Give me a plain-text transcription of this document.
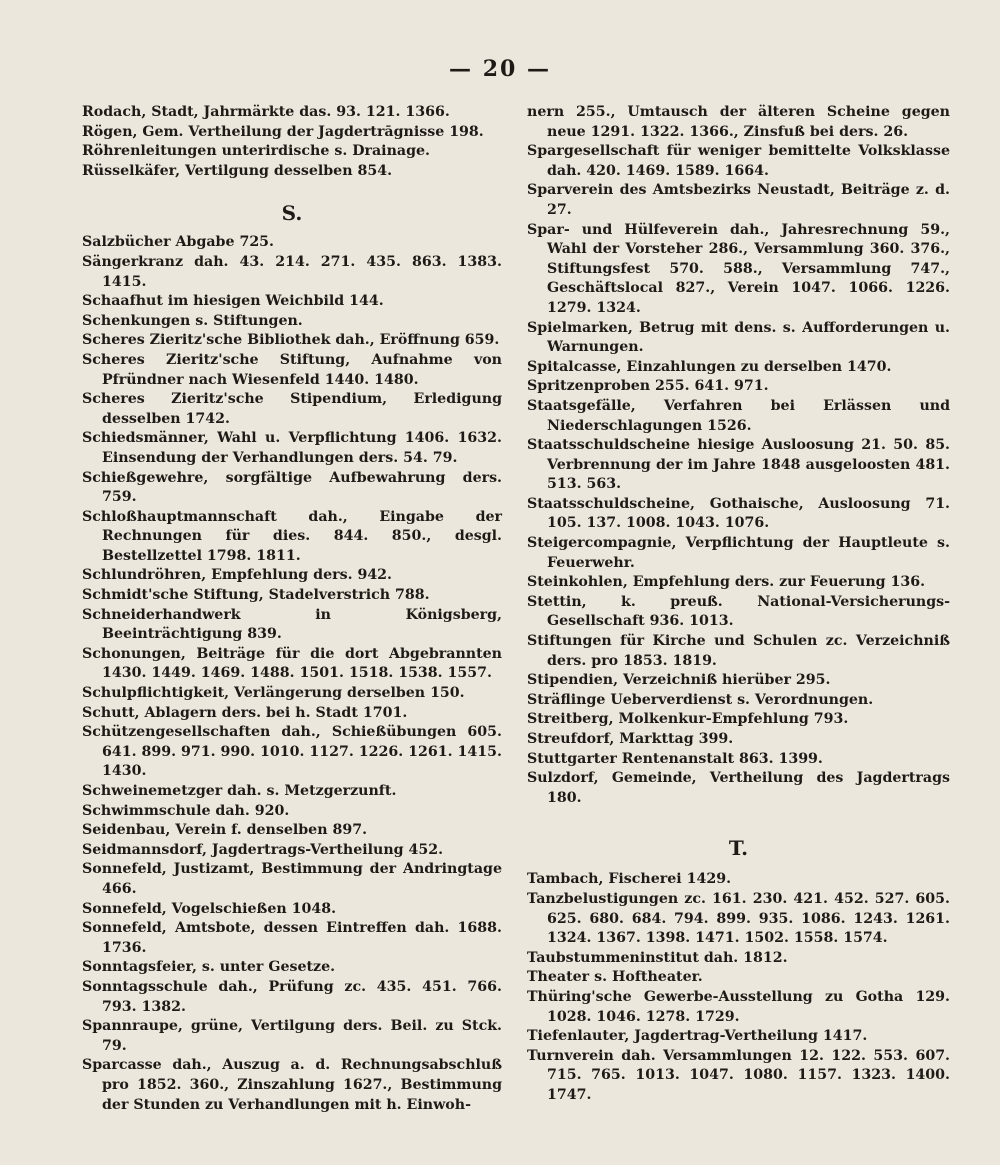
— 20 —
Rodach, Stadt, Jahrmärkte das. 93. 121. 1366.
Rögen, Gem. Vertheilung der Jagdertrāgnisse 198.
Röhrenleitungen unterirdische s. Drainage.
Rüsselkäfer, Vertilgung desselben 854.
S.
Salzbücher Abgabe 725.
Sängerkranz dah. 43. 214. 271. 435. 863. 1383. 1415.
Schaafhut im hiesigen Weichbild 144.
Schenkungen s. Stiftungen.
Scheres Zieritz'sche Bibliothek dah., Eröffnung 659.
Scheres Zieritz'sche Stiftung, Aufnahme von Pfründner nach Wiesenfeld 1440. 1480.
Scheres Zieritz'sche Stipendium, Erledigung desselben 1742.
Schiedsmänner, Wahl u. Verpflichtung 1406. 1632. Einsendung der Verhandlungen ders. 54. 79.
Schießgewehre, sorgfältige Aufbewahrung ders. 759.
Schloßhauptmannschaft dah., Eingabe der Rechnungen für dies. 844. 850., desgl. Bestellzettel 1798. 1811.
Schlundröhren, Empfehlung ders. 942.
Schmidt'sche Stiftung, Stadelverstrich 788.
Schneiderhandwerk in Königsberg, Beeinträchtigung 839.
Schonungen, Beiträge für die dort Abgebrannten 1430. 1449. 1469. 1488. 1501. 1518. 1538. 1557.
Schulpflichtigkeit, Verlängerung derselben 150.
Schutt, Ablagern ders. bei h. Stadt 1701.
Schützengesellschaften dah., Schießübungen 605. 641. 899. 971. 990. 1010. 1127. 1226. 1261. 1415. 1430.
Schweinemetzger dah. s. Metzgerzunft.
Schwimmschule dah. 920.
Seidenbau, Verein f. denselben 897.
Seidmannsdorf, Jagdertrags-Vertheilung 452.
Sonnefeld, Justizamt, Bestimmung der Andringtage 466.
Sonnefeld, Vogelschießen 1048.
Sonnefeld, Amtsbote, dessen Eintreffen dah. 1688. 1736.
Sonntagsfeier, s. unter Gesetze.
Sonntagsschule dah., Prüfung zc. 435. 451. 766. 793. 1382.
Spannraupe, grüne, Vertilgung ders. Beil. zu Stck. 79.
Sparcasse dah., Auszug a. d. Rechnungsabschluß pro 1852. 360., Zinszahlung 1627., Bestimmung der Stunden zu Verhandlungen mit h. Einwoh-
nern 255., Umtausch der älteren Scheine gegen neue 1291. 1322. 1366., Zinsfuß bei ders. 26.
Spargesellschaft für weniger bemittelte Volksklasse dah. 420. 1469. 1589. 1664.
Sparverein des Amtsbezirks Neustadt, Beiträge z. d. 27.
Spar- und Hülfeverein dah., Jahresrechnung 59., Wahl der Vorsteher 286., Versammlung 360. 376., Stiftungsfest 570. 588., Versammlung 747., Geschäftslocal 827., Verein 1047. 1066. 1226. 1279. 1324.
Spielmarken, Betrug mit dens. s. Aufforderungen u. Warnungen.
Spitalcasse, Einzahlungen zu derselben 1470.
Spritzenproben 255. 641. 971.
Staatsgefälle, Verfahren bei Erlässen und Niederschlagungen 1526.
Staatsschuldscheine hiesige Ausloosung 21. 50. 85. Verbrennung der im Jahre 1848 ausgeloosten 481. 513. 563.
Staatsschuldscheine, Gothaische, Ausloosung 71. 105. 137. 1008. 1043. 1076.
Steigercompagnie, Verpflichtung der Hauptleute s. Feuerwehr.
Steinkohlen, Empfehlung ders. zur Feuerung 136.
Stettin, k. preuß. National-Versicherungs-Gesellschaft 936. 1013.
Stiftungen für Kirche und Schulen zc. Verzeichniß ders. pro 1853. 1819.
Stipendien, Verzeichniß hierüber 295.
Sträflinge Ueberverdienst s. Verordnungen.
Streitberg, Molkenkur-Empfehlung 793.
Streufdorf, Markttag 399.
Stuttgarter Rentenanstalt 863. 1399.
Sulzdorf, Gemeinde, Vertheilung des Jagdertrags 180.
T.
Tambach, Fischerei 1429.
Tanzbelustigungen zc. 161. 230. 421. 452. 527. 605. 625. 680. 684. 794. 899. 935. 1086. 1243. 1261. 1324. 1367. 1398. 1471. 1502. 1558. 1574.
Taubstummeninstitut dah. 1812.
Theater s. Hoftheater.
Thüring'sche Gewerbe-Ausstellung zu Gotha 129. 1028. 1046. 1278. 1729.
Tiefenlauter, Jagdertrag-Vertheilung 1417.
Turnverein dah. Versammlungen 12. 122. 553. 607. 715. 765. 1013. 1047. 1080. 1157. 1323. 1400. 1747.
